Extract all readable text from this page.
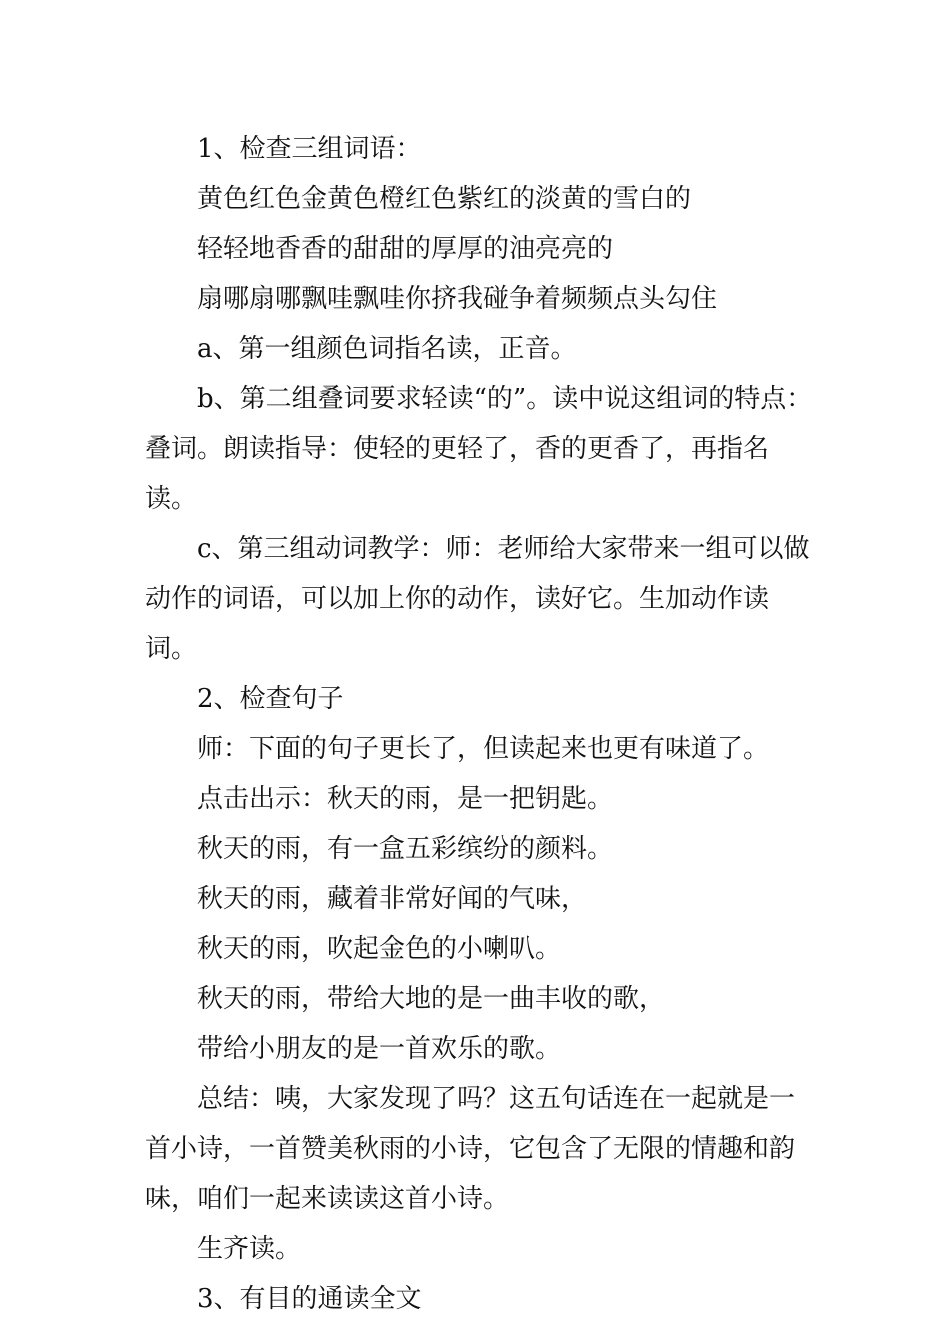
1、检查三组词语：

黄色红色金黄色橙红色紫红的淡黄的雪白的

轻轻地香香的甜甜的厚厚的油亮亮的

扇哪扇哪飘哇飘哇你挤我碰争着频频点头勾住

a、第一组颜色词指名读，正音。

b、第二组叠词要求轻读“的”。读中说这组词的特点：叠词。朗读指导：使轻的更轻了，香的更香了，再指名读。

c、第三组动词教学：师：老师给大家带来一组可以做动作的词语，可以加上你的动作，读好它。生加动作读词。

2、检查句子

师：下面的句子更长了，但读起来也更有味道了。

点击出示：秋天的雨，是一把钥匙。

秋天的雨，有一盒五彩缤纷的颜料。

秋天的雨，藏着非常好闻的气味，

秋天的雨，吹起金色的小喇叭。

秋天的雨，带给大地的是一曲丰收的歌，

带给小朋友的是一首欢乐的歌。

总结：咦，大家发现了吗？这五句话连在一起就是一首小诗，一首赞美秋雨的小诗，它包含了无限的情趣和韵味，咱们一起来读读这首小诗。

生齐读。

3、有目的通读全文
